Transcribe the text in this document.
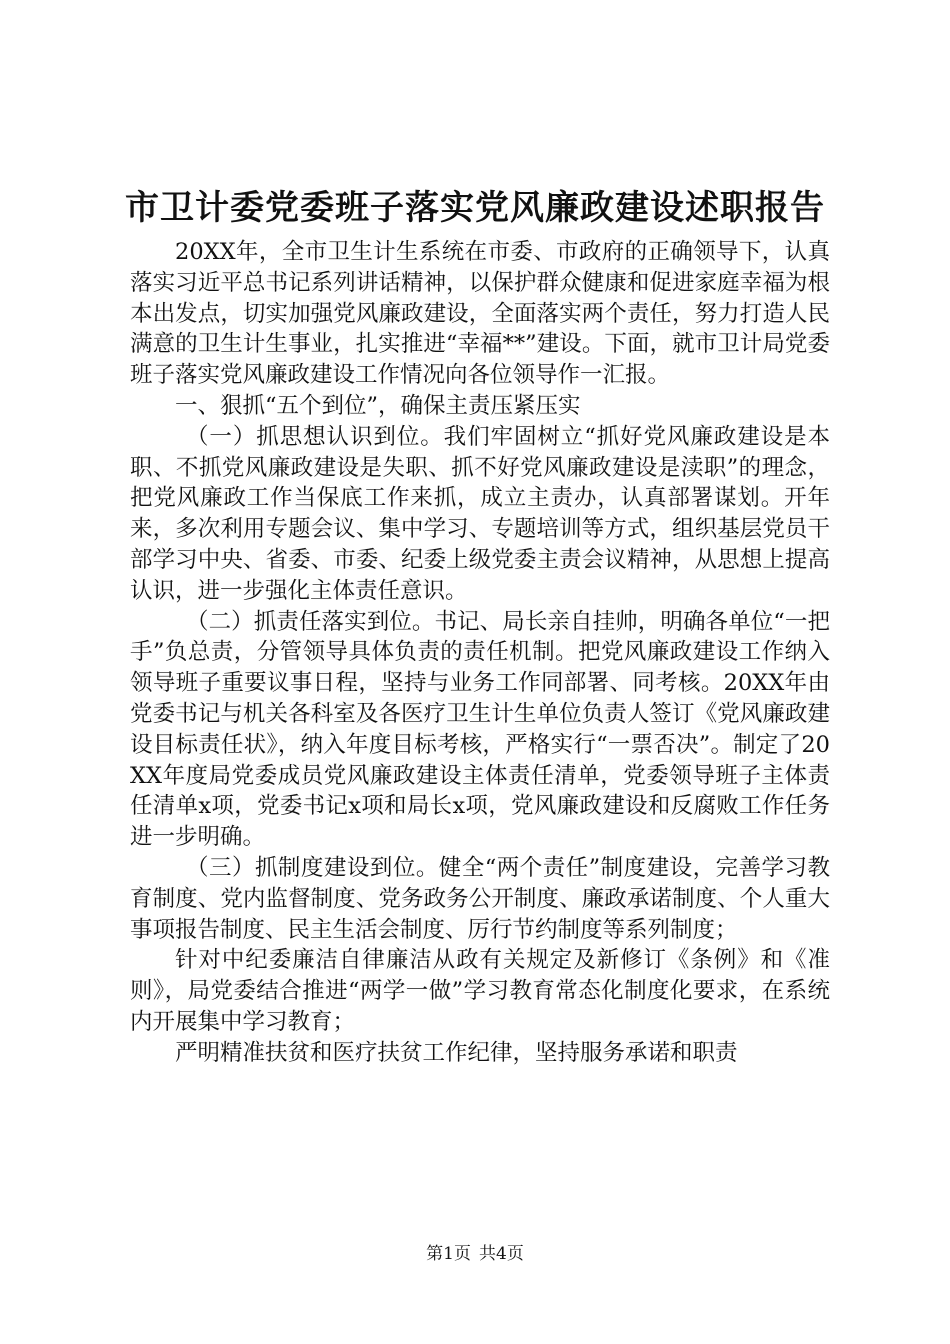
市卫计委党委班子落实党风廉政建设述职报告

20XX年，全市卫生计生系统在市委、市政府的正确领导下，认真落实习近平总书记系列讲话精神，以保护群众健康和促进家庭幸福为根本出发点，切实加强党风廉政建设，全面落实两个责任，努力打造人民满意的卫生计生事业，扎实推进“幸福**”建设。下面，就市卫计局党委班子落实党风廉政建设工作情况向各位领导作一汇报。

一、狠抓“五个到位”，确保主责压紧压实

（一）抓思想认识到位。我们牢固树立“抓好党风廉政建设是本职、不抓党风廉政建设是失职、抓不好党风廉政建设是渎职”的理念，把党风廉政工作当保底工作来抓，成立主责办，认真部署谋划。开年来，多次利用专题会议、集中学习、专题培训等方式，组织基层党员干部学习中央、省委、市委、纪委上级党委主责会议精神，从思想上提高认识，进一步强化主体责任意识。

（二）抓责任落实到位。书记、局长亲自挂帅，明确各单位“一把手”负总责，分管领导具体负责的责任机制。把党风廉政建设工作纳入领导班子重要议事日程，坚持与业务工作同部署、同考核。20XX年由党委书记与机关各科室及各医疗卫生计生单位负责人签订《党风廉政建设目标责任状》，纳入年度目标考核，严格实行“一票否决”。制定了20XX年度局党委成员党风廉政建设主体责任清单，党委领导班子主体责任清单x项，党委书记x项和局长x项，党风廉政建设和反腐败工作任务进一步明确。

（三）抓制度建设到位。健全“两个责任”制度建设，完善学习教育制度、党内监督制度、党务政务公开制度、廉政承诺制度、个人重大事项报告制度、民主生活会制度、厉行节约制度等系列制度；

针对中纪委廉洁自律廉洁从政有关规定及新修订《条例》和《准则》，局党委结合推进“两学一做”学习教育常态化制度化要求，在系统内开展集中学习教育；

严明精准扶贫和医疗扶贫工作纪律，坚持服务承诺和职责

第1页 共4页
